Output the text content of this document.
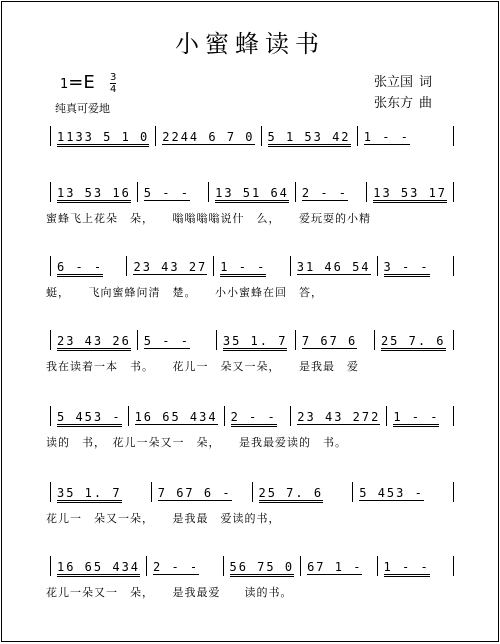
小蜜蜂读书
1=E 3
4
纯真可爱地
张立国 词
张东方 曲
1133 5 1 0 2244 6 7 0 5 1 53 42 1 - -
13 53 16 5 - -	13 51 64 2 - -	13 53 17
蜜蜂飞上花朵　朵，　　嗡嗡嗡嗡说什　么，　　爱玩耍的小精
6 - -	23 43 27 1 - -	31 46 54 3 - -
蜓，　　飞向蜜蜂问清　楚。　　小小蜜蜂在回　答，
23 43 26 5 - -	35 1. 7 7 67 6	25 7. 6
我在读着一本　书。　　花儿一　朵又一朵，　　是我最　爱
5 453 - 16 65 434 2 - -	23 43 272 1 - -
读的　书，　花儿一朵又一　朵，　　是我最爱读的　书。
35 1. 7	7 67 6 -	25 7. 6	5 453 -
花儿一　朵又一朵，　　是我最　爱读的书，
16 65 434 2 - -	56 75 0 67 1 -	1 - -
花儿一朵又一　朵，　　是我最爱　　读的书。
